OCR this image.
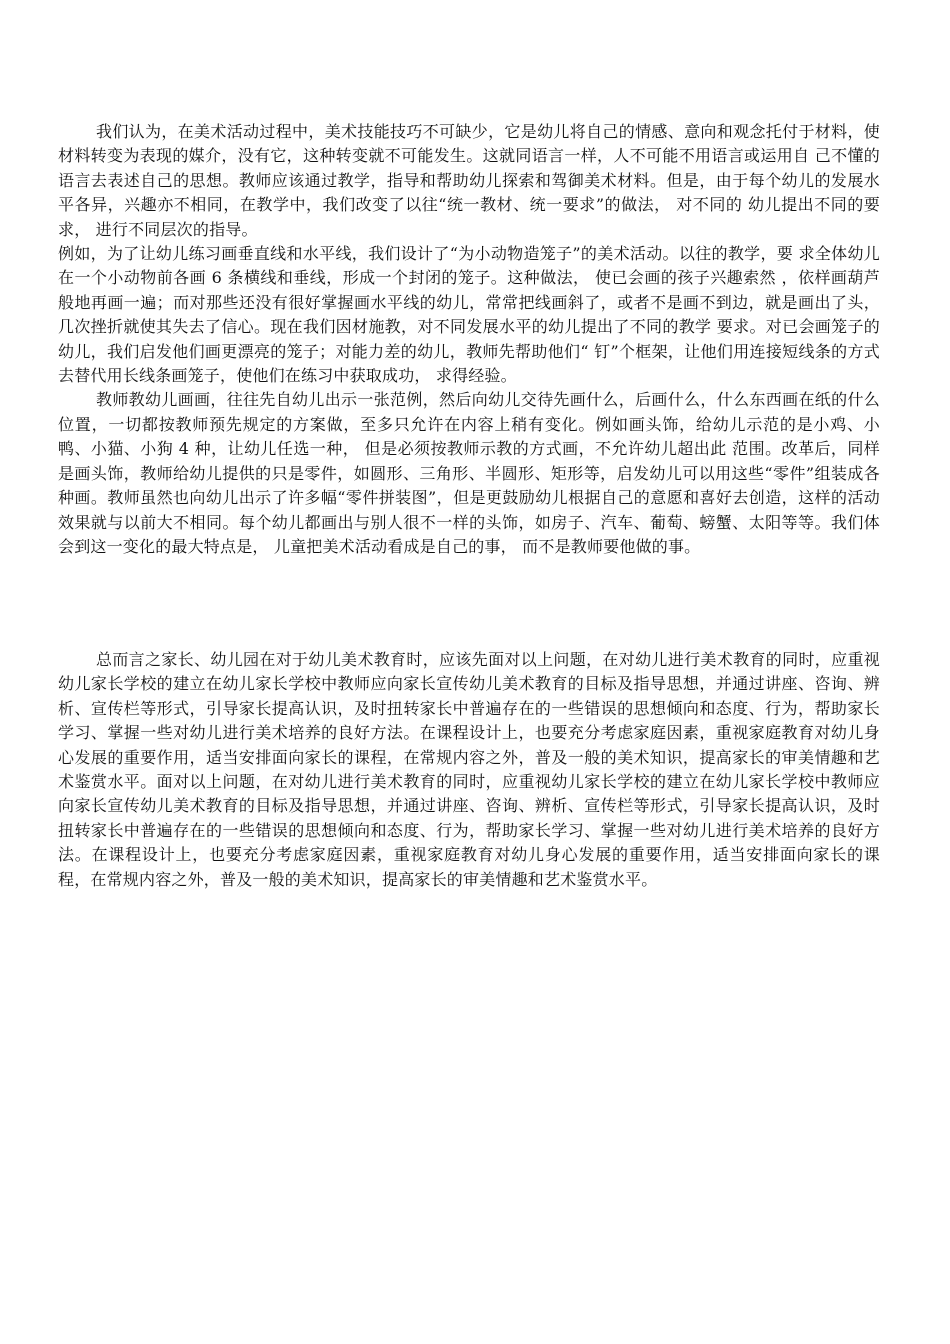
我们认为，在美术活动过程中，美术技能技巧不可缺少，它是幼儿将自己的情感、意向和观念托付于材料，使材料转变为表现的媒介，没有它，这种转变就不可能发生。这就同语言一样，人不可能不用语言或运用自 己不懂的语言去表述自己的思想。教师应该通过教学，指导和帮助幼儿探索和驾御美术材料。但是，由于每个幼儿的发展水平各异，兴趣亦不相同，在教学中，我们改变了以往“统一教材、统一要求”的做法， 对不同的 幼儿提出不同的要求， 进行不同层次的指导。

例如，为了让幼儿练习画垂直线和水平线，我们设计了“为小动物造笼子”的美术活动。以往的教学，要 求全体幼儿在一个小动物前各画 6 条横线和垂线，形成一个封闭的笼子。这种做法， 使已会画的孩子兴趣索然 ，依样画葫芦般地再画一遍；而对那些还没有很好掌握画水平线的幼儿，常常把线画斜了，或者不是画不到边，就是画出了头，几次挫折就使其失去了信心。现在我们因材施教，对不同发展水平的幼儿提出了不同的教学 要求。对已会画笼子的幼儿，我们启发他们画更漂亮的笼子；对能力差的幼儿，教师先帮助他们“ 钉”个框架，让他们用连接短线条的方式去替代用长线条画笼子，使他们在练习中获取成功， 求得经验。

教师教幼儿画画，往往先自幼儿出示一张范例，然后向幼儿交待先画什么，后画什么，什么东西画在纸的什么位置，一切都按教师预先规定的方案做，至多只允许在内容上稍有变化。例如画头饰，给幼儿示范的是小鸡、小鸭、小猫、小狗 4 种，让幼儿任选一种， 但是必须按教师示教的方式画，不允许幼儿超出此 范围。改革后，同样是画头饰，教师给幼儿提供的只是零件，如圆形、三角形、半圆形、矩形等，启发幼儿可以用这些“零件”组装成各种画。教师虽然也向幼儿出示了许多幅“零件拼装图”，但是更鼓励幼儿根据自己的意愿和喜好去创造，这样的活动效果就与以前大不相同。每个幼儿都画出与别人很不一样的头饰，如房子、汽车、葡萄、螃蟹、太阳等等。我们体会到这一变化的最大特点是， 儿童把美术活动看成是自己的事， 而不是教师要他做的事。

总而言之家长、幼儿园在对于幼儿美术教育时，应该先面对以上问题，在对幼儿进行美术教育的同时，应重视幼儿家长学校的建立在幼儿家长学校中教师应向家长宣传幼儿美术教育的目标及指导思想，并通过讲座、咨询、辨析、宣传栏等形式，引导家长提高认识，及时扭转家长中普遍存在的一些错误的思想倾向和态度、行为，帮助家长学习、掌握一些对幼儿进行美术培养的良好方法。在课程设计上，也要充分考虑家庭因素，重视家庭教育对幼儿身心发展的重要作用，适当安排面向家长的课程，在常规内容之外，普及一般的美术知识，提高家长的审美情趣和艺术鉴赏水平。面对以上问题，在对幼儿进行美术教育的同时，应重视幼儿家长学校的建立在幼儿家长学校中教师应向家长宣传幼儿美术教育的目标及指导思想，并通过讲座、咨询、辨析、宣传栏等形式，引导家长提高认识，及时扭转家长中普遍存在的一些错误的思想倾向和态度、行为，帮助家长学习、掌握一些对幼儿进行美术培养的良好方法。在课程设计上，也要充分考虑家庭因素，重视家庭教育对幼儿身心发展的重要作用，适当安排面向家长的课程，在常规内容之外，普及一般的美术知识，提高家长的审美情趣和艺术鉴赏水平。
